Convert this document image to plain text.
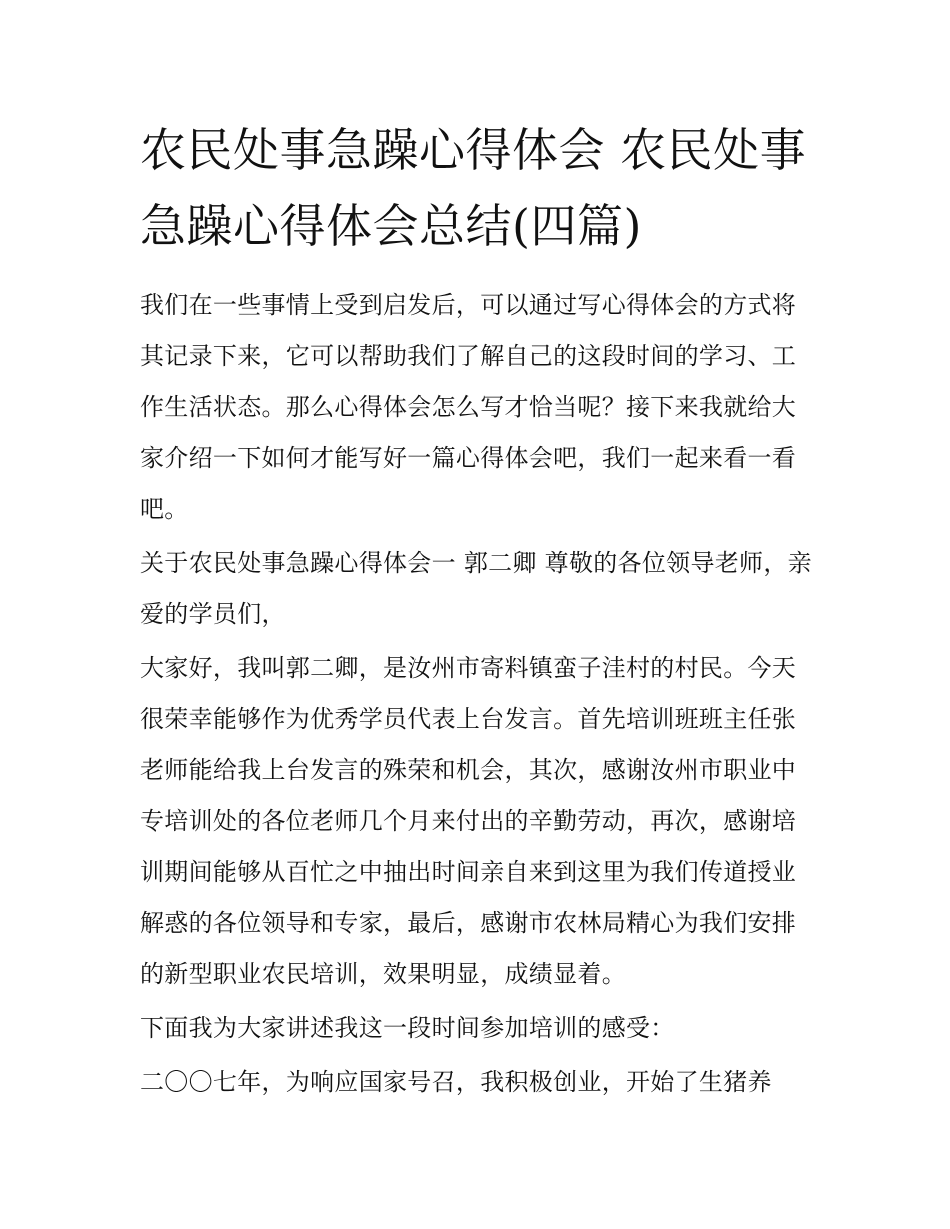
农民处事急躁心得体会 农民处事急躁心得体会总结(四篇)

我们在一些事情上受到启发后，可以通过写心得体会的方式将其记录下来，它可以帮助我们了解自己的这段时间的学习、工作生活状态。那么心得体会怎么写才恰当呢？接下来我就给大家介绍一下如何才能写好一篇心得体会吧，我们一起来看一看吧。

关于农民处事急躁心得体会一 郭二卿 尊敬的各位领导老师，亲爱的学员们，

大家好，我叫郭二卿，是汝州市寄料镇蛮子洼村的村民。今天很荣幸能够作为优秀学员代表上台发言。首先培训班班主任张老师能给我上台发言的殊荣和机会，其次，感谢汝州市职业中专培训处的各位老师几个月来付出的辛勤劳动，再次，感谢培训期间能够从百忙之中抽出时间亲自来到这里为我们传道授业解惑的各位领导和专家，最后，感谢市农林局精心为我们安排的新型职业农民培训，效果明显，成绩显着。

下面我为大家讲述我这一段时间参加培训的感受：

二〇〇七年，为响应国家号召，我积极创业，开始了生猪养
